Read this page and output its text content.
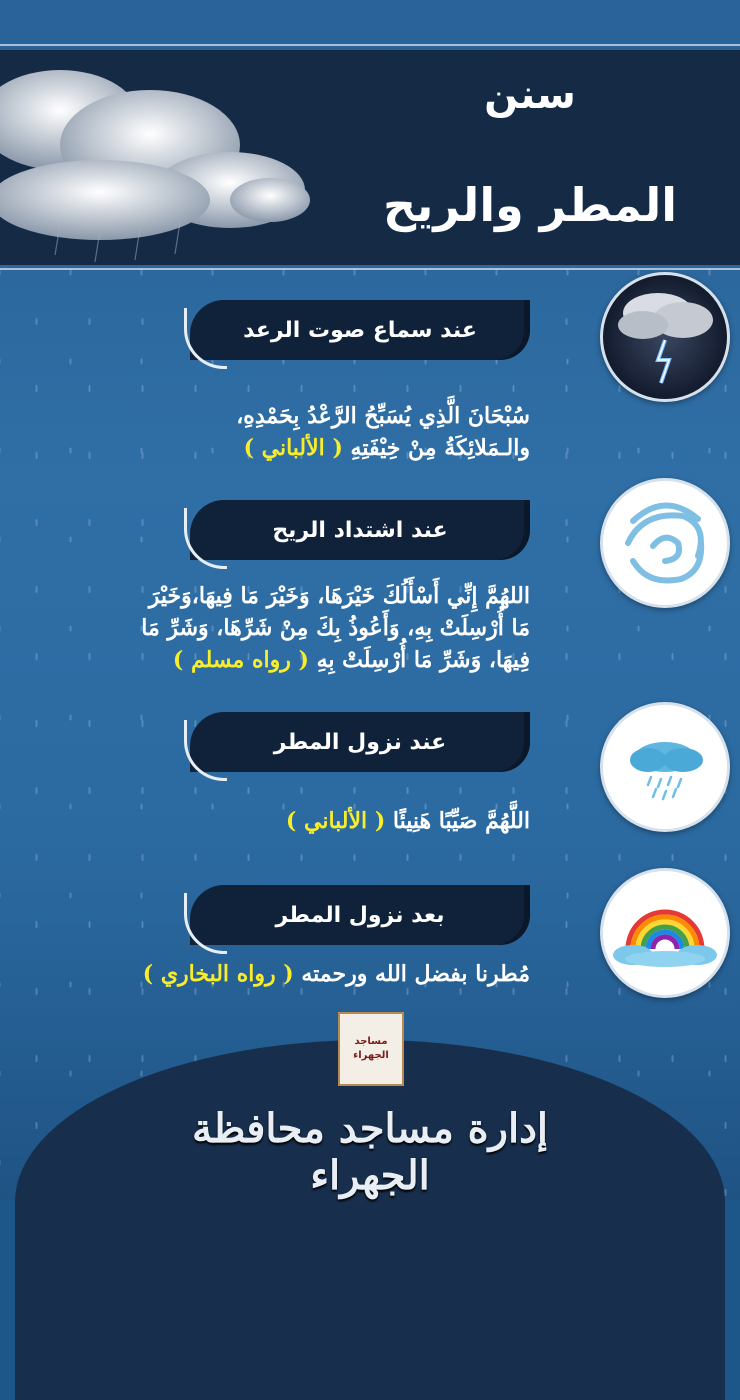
سنن
المطر والريح
عند سماع صوت الرعد
سُبْحَانَ الَّذِي يُسَبِّحُ الرَّعْدُ بِحَمْدِهِ،
والـمَلائِكَةُ مِنْ خِيْفَتِهِ ( الألباني )
عند اشتداد الريح
اللهُمَّ إِنِّي أَسْأَلُكَ خَيْرَهَا، وَخَيْرَ مَا فِيهَا،وَخَيْرَ
مَا أُرْسِلَتْ بِهِ، وَأَعُوذُ بِكَ مِنْ شَرِّهَا، وَشَرِّ مَا
فِيهَا، وَشَرِّ مَا أُرْسِلَتْ بِهِ ( رواه مسلم )
عند نزول المطر
اللَّهُمَّ صَيِّبًا هَنِيئًا ( الألباني )
بعد نزول المطر
مُطرنا بفضل الله ورحمته ( رواه البخاري )
مساجد
الجهراء
إدارة مساجد محافظة الجهراء
